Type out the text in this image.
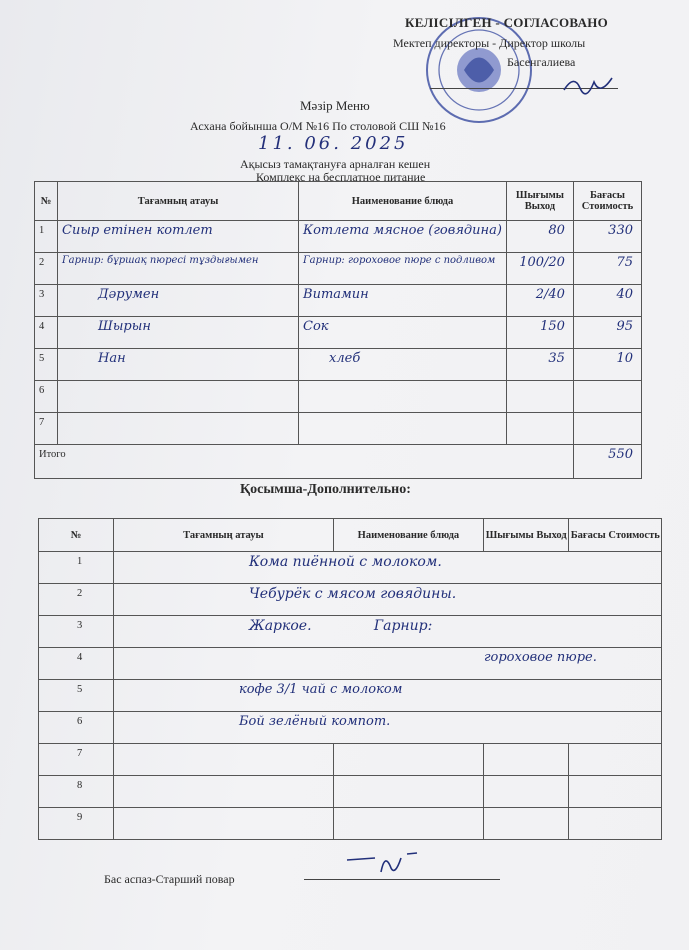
КЕЛІСІЛГЕН - СОГЛАСОВАНО
Мектеп директоры - Директор школы
Басенгалиева
Мәзір Меню
Асхана бойынша О/М №16 По столовой СШ №16
11. 06. 2025
Ақысыз тамақтануға арналған кешен
Комплекс на бесплатное питание
№	Тағамның атауы	Наименование блюда	Шығымы Выход	Бағасы Стоимость
1	Сиыр етінен котлет	Котлета мясное (говядина)	80	330
2	Гарнир: бұршақ пюресі тұздығымен	Гарнир: гороховое пюре с подливом	100/20	75
3	Дәрумен	Витамин	2/40	40
4	Шырын	Сок	150	95
5	Нан	хлеб	35	10
6				
7				
Итого				550
Қосымша-Дополнительно:
№	Тағамның атауы	Наименование блюда	Шығымы Выход	Бағасы Стоимость
1	Кома пиённой с молоком.			
2	Чебурёк с мясом говядины.			
3	Жаркое.              Гарнир:			
4	гороховое пюре.			
5	кофе 3/1 чай с молоком			
6	Бой зелёный компот.			
7				
8				
9				
Бас аспаз-Старший повар
